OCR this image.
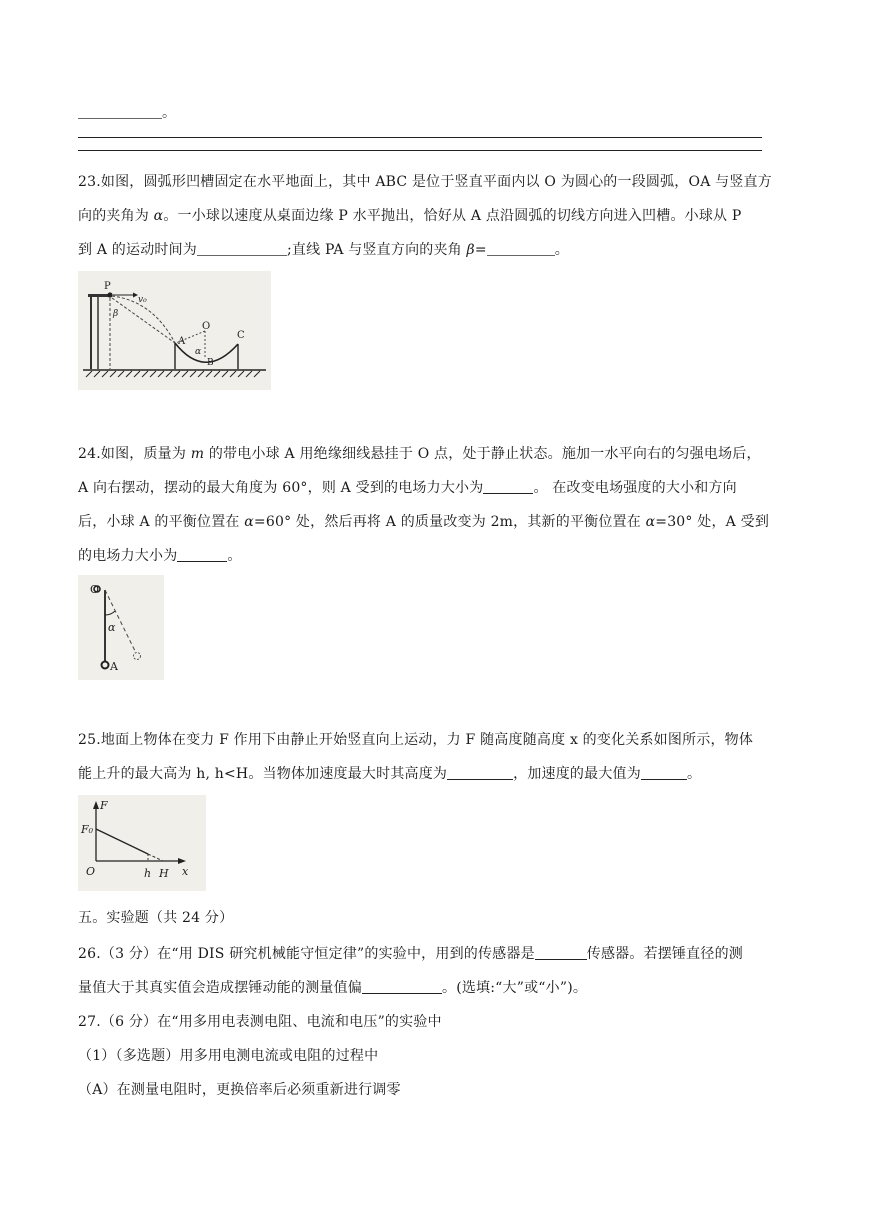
。
23.如图，圆弧形凹槽固定在水平地面上，其中 ABC 是位于竖直平面内以 O 为圆心的一段圆弧，OA 与竖直方
向的夹角为 α。一小球以速度从桌面边缘 P 水平抛出，恰好从 A 点沿圆弧的切线方向进入凹槽。小球从 P
到 A 的运动时间为	;直线 PA 与竖直方向的夹角 β=	。
P
v₀
β
A
O
α
B
C
24.如图，质量为 m 的带电小球 A 用绝缘细线悬挂于 O 点，处于静止状态。施加一水平向右的匀强电场后，
A 向右摆动，摆动的最大角度为 60°，则 A 受到的电场力大小为	。 在改变电场强度的大小和方向
后，小球 A 的平衡位置在 α=60° 处，然后再将 A 的质量改变为 2m，其新的平衡位置在 α=30° 处，A 受到
的电场力大小为	。
O
α
A
25.地面上物体在变力 F 作用下由静止开始竖直向上运动，力 F 随高度随高度 x 的变化关系如图所示，物体
能上升的最大高为 h, h<H。当物体加速度最大时其高度为	，加速度的最大值为	。
F
F₀
O	h H x
五。实验题（共 24 分）
26.（3 分）在“用 DIS 研究机械能守恒定律”的实验中，用到的传感器是	传感器。若摆锤直径的测
量值大于其真实值会造成摆锤动能的测量值偏	。(选填:“大”或“小”)。
27.（6 分）在“用多用电表测电阻、电流和电压”的实验中
（1）（多选题）用多用电测电流或电阻的过程中
（A）在测量电阻时，更换倍率后必须重新进行调零
